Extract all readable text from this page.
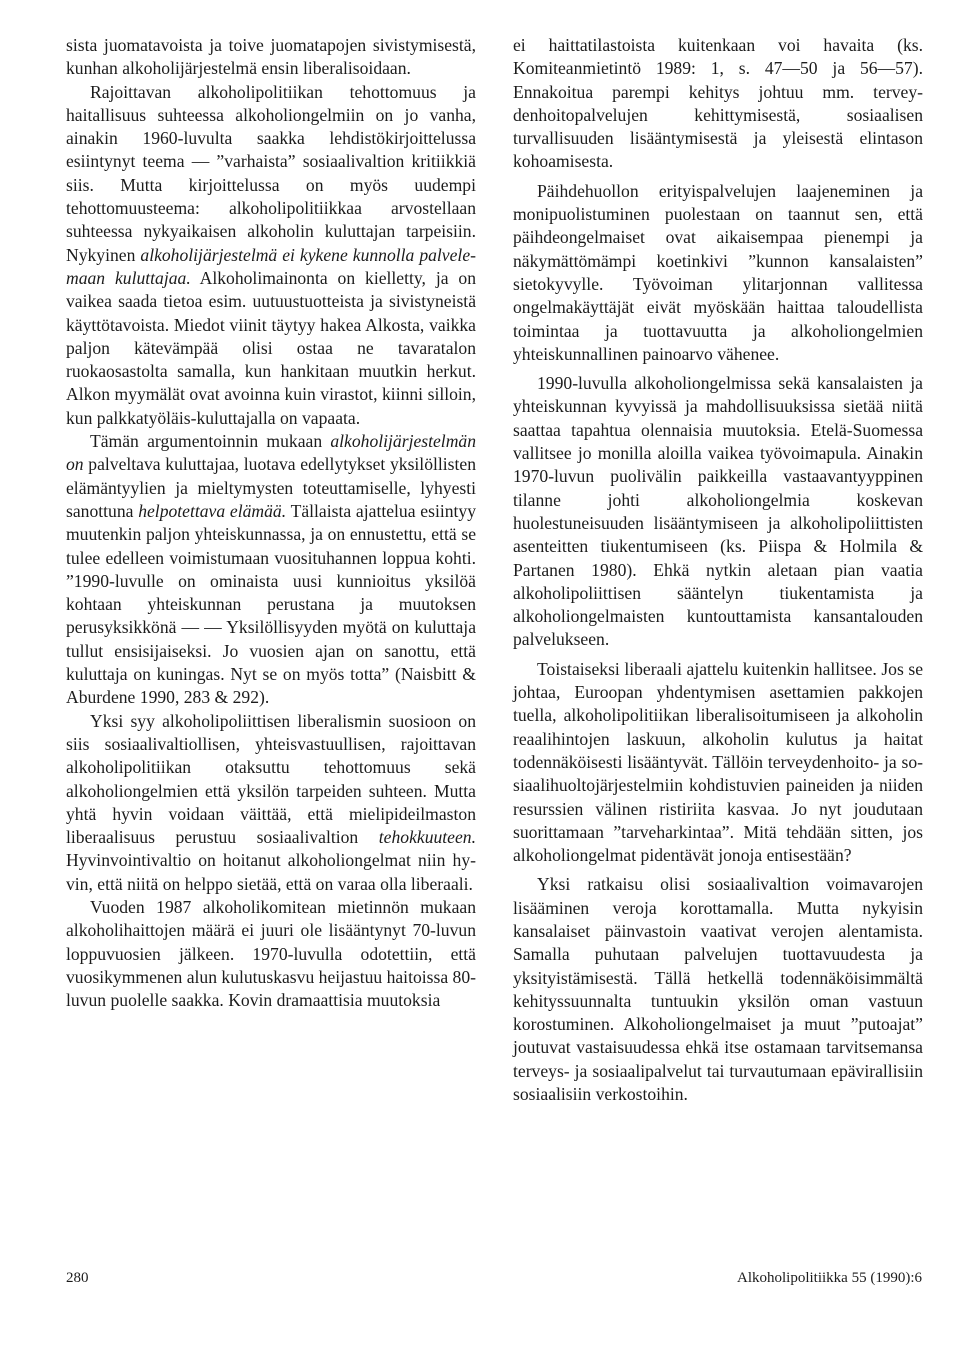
sista juomatavoista ja toive juomatapojen sivistymisestä, kunhan alkoholijärjestelmä ensin liberalisoidaan.

Rajoittavan alkoholipolitiikan tehottomuus ja haitallisuus suhteessa alkoholiongelmiin on jo vanha, ainakin 1960-luvulta saakka lehdistökirjoittelussa esiintynyt teema — ”varhaista” sosiaalivaltion kritiikkiä siis. Mutta kirjoittelussa on myös uudempi tehottomuusteema: alkoholipolitiikkaa arvostellaan suhteessa nykyaikaisen alkoholin kuluttajan tarpeisiin. Nykyinen alkoholijärjestelmä ei kykene kunnolla palvelemaan kuluttajaa. Alkoholimainonta on kielletty, ja on vaikea saada tietoa esim. uutuustuotteista ja sivistyneistä käyttötavoista. Miedot viinit täytyy hakea Alkosta, vaikka paljon kätevämpää olisi ostaa ne tavaratalon ruokaosastolta samalla, kun hankitaan muutkin herkut. Alkon myymälät ovat avoinna kuin virastot, kiinni silloin, kun palkkatyöläis-kuluttajalla on vapaata.

Tämän argumentoinnin mukaan alkoholijärjestelmän on palveltava kuluttajaa, luotava edellytykset yksilöllisten elämäntyylien ja mieltymysten toteuttamiselle, lyhyesti sanottuna helpotettava elämää. Tällaista ajattelua esiintyy muutenkin paljon yhteiskunnassa, ja on ennustettu, että se tulee edelleen voimistumaan vuosituhannen loppua kohti. ”1990-luvulle on ominaista uusi kunnioitus yksilöä kohtaan yhteiskunnan perustana ja muutoksen perusyksikkönä — — Yksilöllisyyden myötä on kuluttaja tullut ensisijaiseksi. Jo vuosien ajan on sanottu, että kuluttaja on kuningas. Nyt se on myös totta” (Naisbitt & Aburdene 1990, 283 & 292).

Yksi syy alkoholipoliittisen liberalismin suosioon on siis sosiaalivaltiollisen, yhteisvastuullisen, rajoittavan alkoholipolitiikan otaksuttu tehottomuus sekä alkoholiongelmien että yksilön tarpeiden suhteen. Mutta yhtä hyvin voidaan väittää, että mielipideilmaston liberaalisuus perustuu sosiaalivaltion tehokkuuteen. Hyvinvointivaltio on hoitanut alkoholiongelmat niin hyvin, että niitä on helppo sietää, että on varaa olla liberaali.

Vuoden 1987 alkoholikomitean mietinnön mukaan alkoholihaittojen määrä ei juuri ole lisääntynyt 70-luvun loppuvuosien jälkeen. 1970-luvulla odotettiin, että vuosikymmenen alun kulutuskasvu heijastuu haitoissa 80-luvun puolelle saakka. Kovin dramaattisia muutoksia

ei haittatilastoista kuitenkaan voi havaita (ks. Komiteanmietintö 1989: 1, s. 47—50 ja 56—57). Ennakoitua parempi kehitys johtuu mm. terveydenhoitopalvelujen kehittymisestä, sosiaalisen turvallisuuden lisääntymisestä ja yleisestä elintason kohoamisesta.

Päihdehuollon erityispalvelujen laajeneminen ja monipuolistuminen puolestaan on taannut sen, että päihdeongelmaiset ovat aikaisempaa pienempi ja näkymättömämpi koetinkivi ”kunnon kansalaisten” sietokyvylle. Työvoiman ylitarjonnan vallitessa ongelmakäyttäjät eivät myöskään haittaa taloudellista toimintaa ja tuottavuutta ja alkoholiongelmien yhteiskunnallinen painoarvo vähenee.

1990-luvulla alkoholiongelmissa sekä kansalaisten ja yhteiskunnan kyvyissä ja mahdollisuuksissa sietää niitä saattaa tapahtua olennaisia muutoksia. Etelä-Suomessa vallitsee jo monilla aloilla vaikea työvoimapula. Ainakin 1970-luvun puolivälin paikkeilla vastaavantyyppinen tilanne johti alkoholiongelmia koskevan huolestuneisuuden lisääntymiseen ja alkoholipoliittisten asenteitten tiukentumiseen (ks. Piispa & Holmila & Partanen 1980). Ehkä nytkin aletaan pian vaatia alkoholipoliittisen sääntelyn tiukentamista ja alkoholiongelmaisten kuntouttamista kansantalouden palvelukseen.

Toistaiseksi liberaali ajattelu kuitenkin hallitsee. Jos se johtaa, Euroopan yhdentymisen asettamien pakkojen tuella, alkoholipolitiikan liberalisoitumiseen ja alkoholin reaalihintojen laskuun, alkoholin kulutus ja haitat todennäköisesti lisääntyvät. Tällöin terveydenhoito- ja sosiaalihuoltojärjestelmiin kohdistuvien paineiden ja niiden resurssien välinen ristiriita kasvaa. Jo nyt joudutaan suorittamaan ”tarveharkintaa”. Mitä tehdään sitten, jos alkoholiongelmat pidentävät jonoja entisestään?

Yksi ratkaisu olisi sosiaalivaltion voimavarojen lisääminen veroja korottamalla. Mutta nykyisin kansalaiset päinvastoin vaativat verojen alentamista. Samalla puhutaan palvelujen tuottavuudesta ja yksityistämisestä. Tällä hetkellä todennäköisimmältä kehityssuunnalta tuntuukin yksilön oman vastuun korostuminen. Alkoholiongelmaiset ja muut ”putoajat” joutuvat vastaisuudessa ehkä itse ostamaan tarvitsemansa terveys- ja sosiaalipalvelut tai turvautumaan epävirallisiin sosiaalisiin verkostoihin.

280	Alkoholipolitiikka 55 (1990):6
